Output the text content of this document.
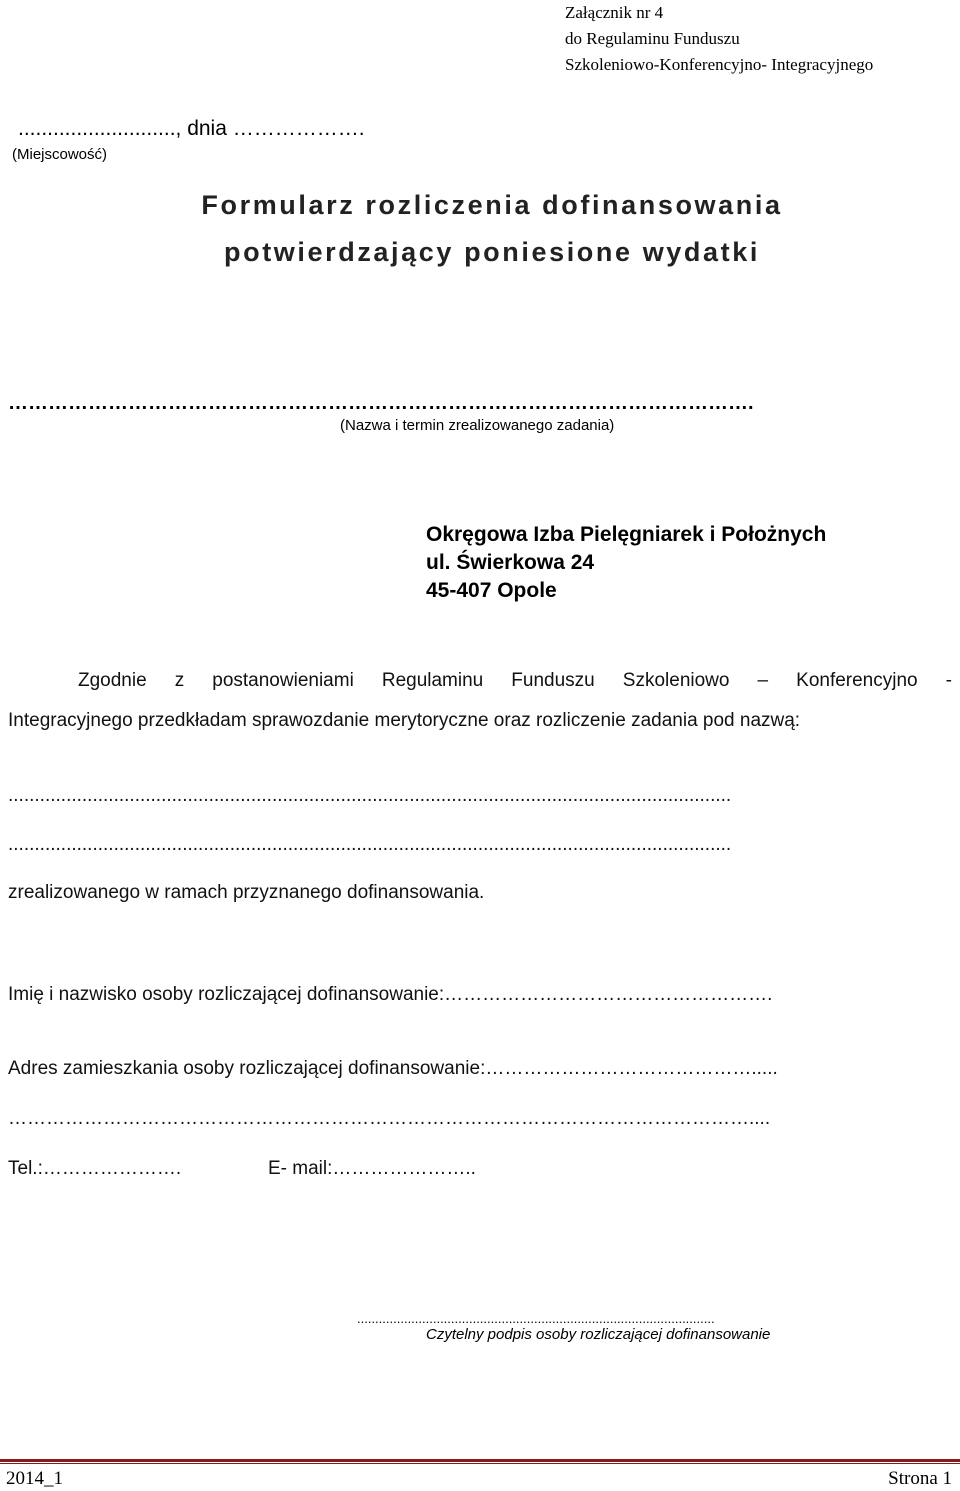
Załącznik nr 4
do Regulaminu Funduszu
Szkoleniowo-Konferencyjno- Integracyjnego
..........................., dnia ……………….
(Miejscowość)
Formularz rozliczenia dofinansowania
potwierdzający poniesione wydatki
………………………………………………………………………………………………….
(Nazwa i termin zrealizowanego zadania)
Okręgowa Izba Pielęgniarek i Położnych
ul. Świerkowa 24
45-407 Opole
Zgodnie z postanowieniami Regulaminu Funduszu Szkoleniowo – Konferencyjno -
Integracyjnego przedkładam sprawozdanie merytoryczne oraz rozliczenie zadania pod nazwą:
.........................................................................................................................................
.........................................................................................................................................
zrealizowanego w ramach przyznanego dofinansowania.
Imię i nazwisko osoby rozliczającej dofinansowanie:…………………………………………….
Adres zamieszkania osoby rozliczającej dofinansowanie:…………………………………….....
………………………………………………………………………………………………………....
Tel.:………………….	E- mail:…………………..
...................................................................................................
Czytelny podpis osoby rozliczającej dofinansowanie
2014_1	Strona 1
